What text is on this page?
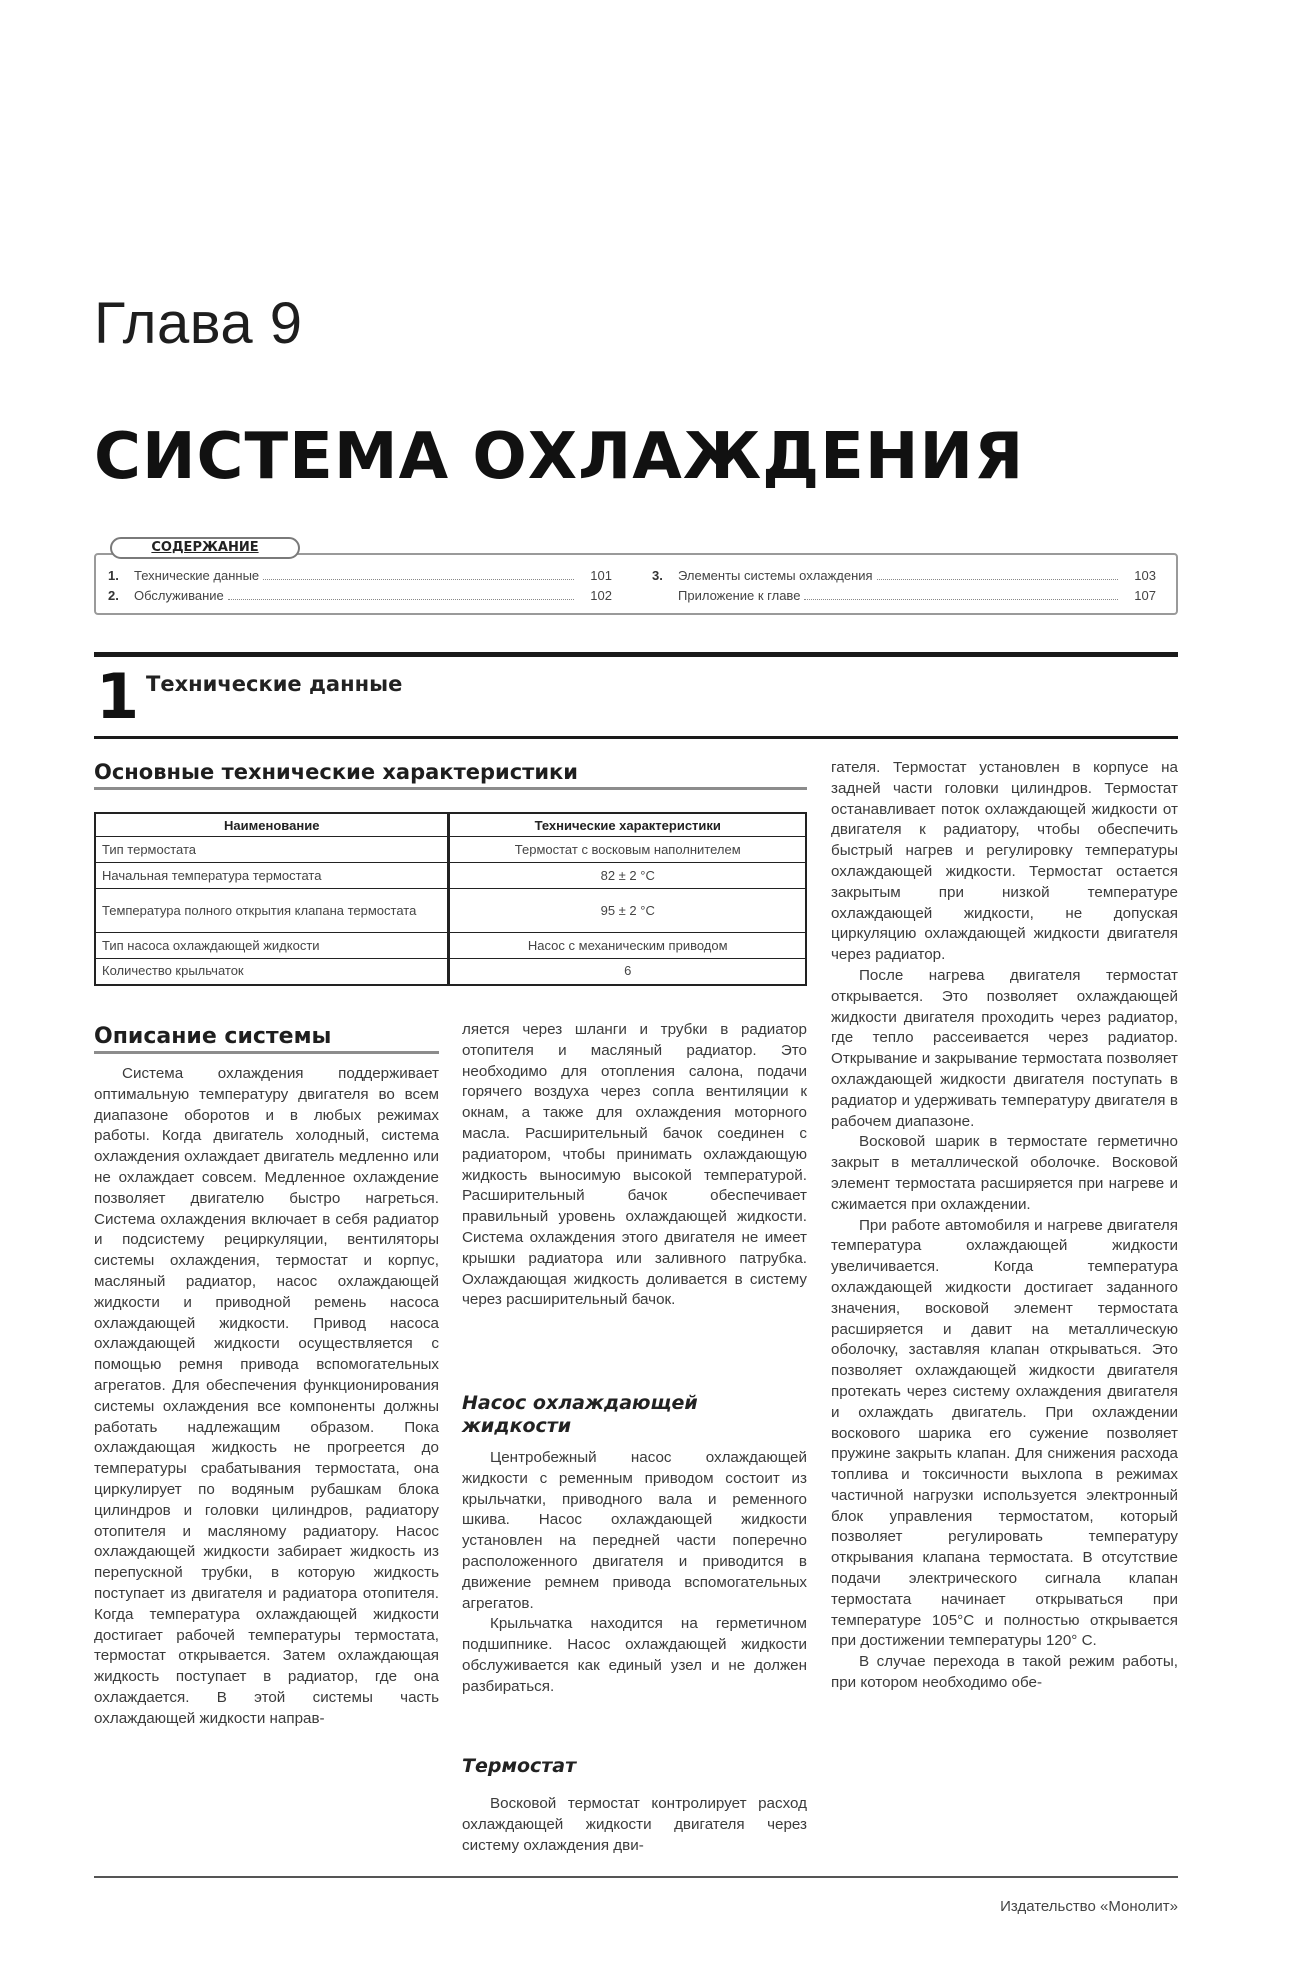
Глава 9
СИСТЕМА ОХЛАЖДЕНИЯ
СОДЕРЖАНИЕ
1.	Технические данные	101
2.	Обслуживание	102
3.	Элементы системы охлаждения	103
Приложение к главе	107
1 Технические данные
Основные технические характеристики
Наименование	Технические характеристики
Тип термостата	Термостат с восковым наполнителем
Начальная температура термостата	82 ± 2 °С
Температура полного открытия клапана термостата	95 ± 2 °С
Тип насоса охлаждающей жидкости	Насос с механическим приводом
Количество крыльчаток	6
Описание системы

Система охлаждения поддерживает оптимальную температуру двигателя во всем диапазоне оборотов и в любых режимах работы. Когда двигатель холодный, система охлаждения охлаждает двигатель медленно или не охлаждает совсем. Медленное охлаждение позволяет двигателю быстро нагреться. Система охлаждения включает в себя радиатор и подсистему рециркуляции, вентиляторы системы охлаждения, термостат и корпус, масляный радиатор, насос охлаждающей жидкости и приводной ремень насоса охлаждающей жидкости. Привод насоса охлаждающей жидкости осуществляется с помощью ремня привода вспомогательных агрегатов. Для обеспечения функционирования системы охлаждения все компоненты должны работать надлежащим образом. Пока охлаждающая жидкость не прогреется до температуры срабатывания термостата, она циркулирует по водяным рубашкам блока цилиндров и головки цилиндров, радиатору отопителя и масляному радиатору. Насос охлаждающей жидкости забирает жидкость из перепускной трубки, в которую жидкость поступает из двигателя и радиатора отопителя. Когда температура охлаждающей жидкости достигает рабочей температуры термостата, термостат открывается. Затем охлаждающая жидкость поступает в радиатор, где она охлаждается. В этой системы часть охлаждающей жидкости направ-

ляется через шланги и трубки в радиатор отопителя и масляный радиатор. Это необходимо для отопления салона, подачи горячего воздуха через сопла вентиляции к окнам, а также для охлаждения моторного масла. Расширительный бачок соединен с радиатором, чтобы принимать охлаждающую жидкость выносимую высокой температурой. Расширительный бачок обеспечивает правильный уровень охлаждающей жидкости. Система охлаждения этого двигателя не имеет крышки радиатора или заливного патрубка. Охлаждающая жидкость доливается в систему через расширительный бачок.

Насос охлаждающей жидкости

Центробежный насос охлаждающей жидкости с ременным приводом состоит из крыльчатки, приводного вала и ременного шкива. Насос охлаждающей жидкости установлен на передней части поперечно расположенного двигателя и приводится в движение ремнем привода вспомогательных агрегатов.

Крыльчатка находится на герметичном подшипнике. Насос охлаждающей жидкости обслуживается как единый узел и не должен разбираться.

Термостат

Восковой термостат контролирует расход охлаждающей жидкости двигателя через систему охлаждения дви-

гателя. Термостат установлен в корпусе на задней части головки цилиндров. Термостат останавливает поток охлаждающей жидкости от двигателя к радиатору, чтобы обеспечить быстрый нагрев и регулировку температуры охлаждающей жидкости. Термостат остается закрытым при низкой температуре охлаждающей жидкости, не допуская циркуляцию охлаждающей жидкости двигателя через радиатор.

После нагрева двигателя термостат открывается. Это позволяет охлаждающей жидкости двигателя проходить через радиатор, где тепло рассеивается через радиатор. Открывание и закрывание термостата позволяет охлаждающей жидкости двигателя поступать в радиатор и удерживать температуру двигателя в рабочем диапазоне.

Восковой шарик в термостате герметично закрыт в металлической оболочке. Восковой элемент термостата расширяется при нагреве и сжимается при охлаждении.

При работе автомобиля и нагреве двигателя температура охлаждающей жидкости увеличивается. Когда температура охлаждающей жидкости достигает заданного значения, восковой элемент термостата расширяется и давит на металлическую оболочку, заставляя клапан открываться. Это позволяет охлаждающей жидкости двигателя протекать через систему охлаждения двигателя и охлаждать двигатель. При охлаждении воскового шарика его сужение позволяет пружине закрыть клапан. Для снижения расхода топлива и токсичности выхлопа в режимах частичной нагрузки используется электронный блок управления термостатом, который позволяет регулировать температуру открывания клапана термостата. В отсутствие подачи электрического сигнала клапан термостата начинает открываться при температуре 105°С и полностью открывается при достижении температуры 120° С.

В случае перехода в такой режим работы, при котором необходимо обе-

Издательство «Монолит»
